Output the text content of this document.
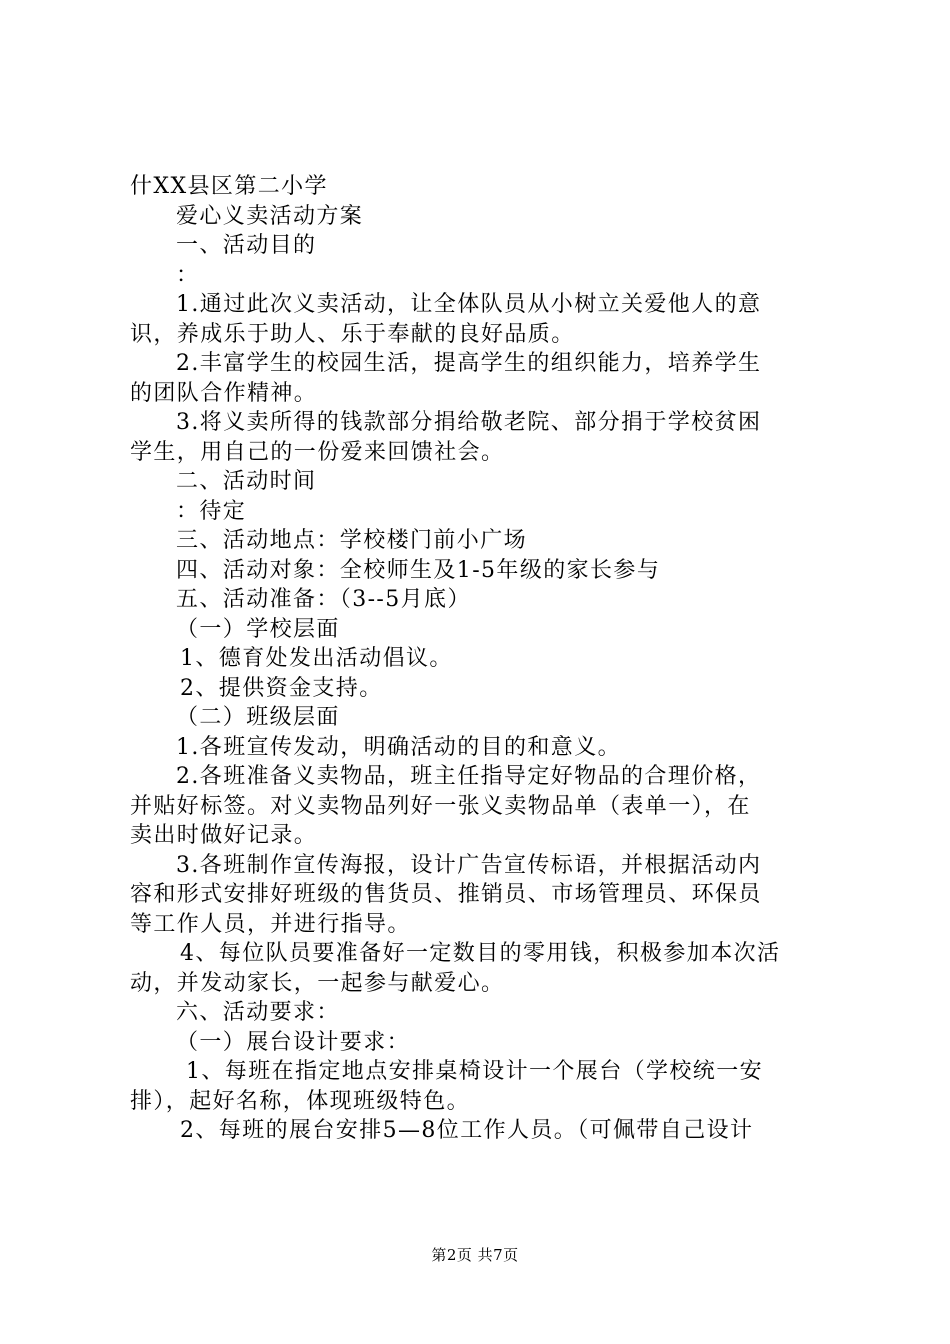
什XX县区第二小学

爱心义卖活动方案

一、活动目的

：

1.通过此次义卖活动，让全体队员从小树立关爱他人的意

识，养成乐于助人、乐于奉献的良好品质。

2.丰富学生的校园生活，提高学生的组织能力，培养学生

的团队合作精神。

3.将义卖所得的钱款部分捐给敬老院、部分捐于学校贫困

学生，用自己的一份爱来回馈社会。

二、活动时间

：待定

三、活动地点：学校楼门前小广场

四、活动对象：全校师生及1-5年级的家长参与

五、活动准备：（3--5月底）

（一）学校层面

1、德育处发出活动倡议。

2、提供资金支持。

（二）班级层面

1.各班宣传发动，明确活动的目的和意义。

2.各班准备义卖物品，班主任指导定好物品的合理价格，

并贴好标签。对义卖物品列好一张义卖物品单（表单一），在

卖出时做好记录。

3.各班制作宣传海报，设计广告宣传标语，并根据活动内

容和形式安排好班级的售货员、推销员、市场管理员、环保员

等工作人员，并进行指导。

4、每位队员要准备好一定数目的零用钱，积极参加本次活

动，并发动家长，一起参与献爱心。

六、活动要求：

（一）展台设计要求：

1、每班在指定地点安排桌椅设计一个展台（学校统一安

排），起好名称，体现班级特色。

2、每班的展台安排5—8位工作人员。（可佩带自己设计

第2页 共7页
